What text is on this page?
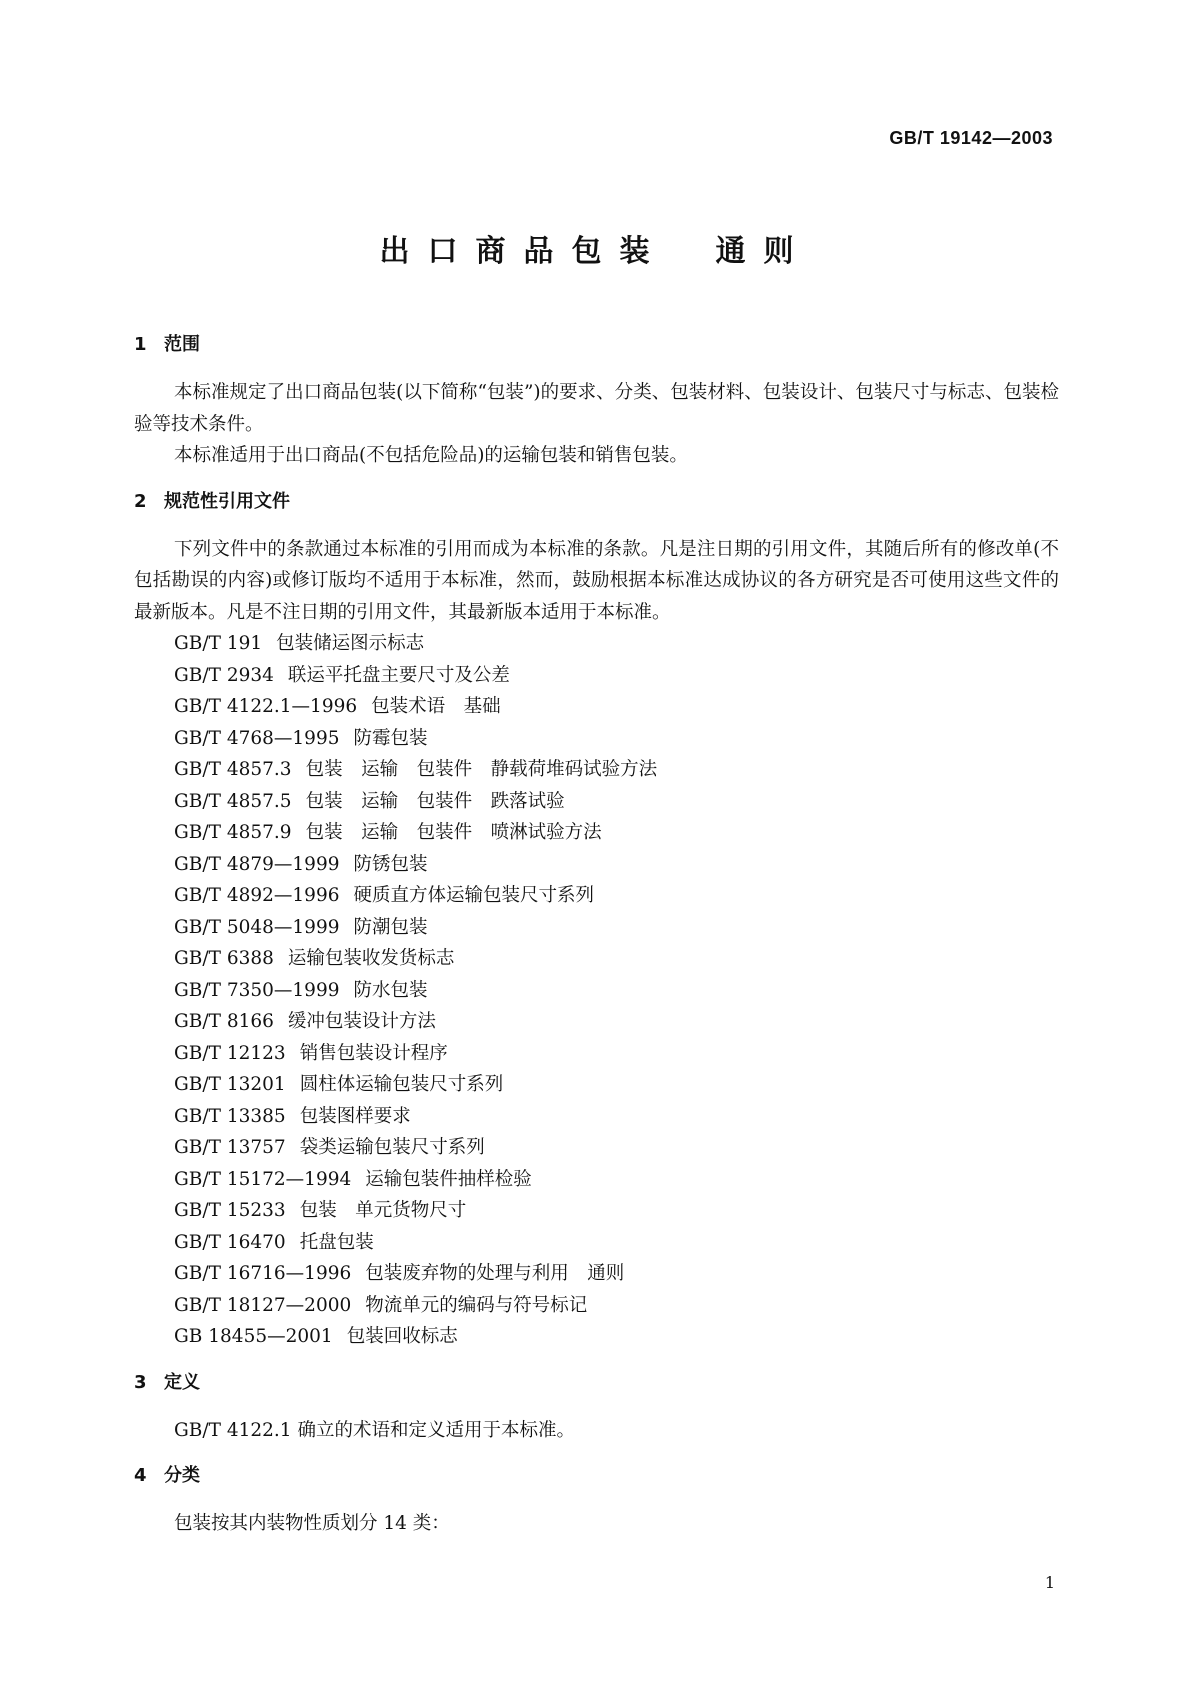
GB/T 19142—2003
出口商品包装　通则
1 范围
本标准规定了出口商品包装(以下简称“包装”)的要求、分类、包装材料、包装设计、包装尺寸与标志、包装检验等技术条件。
本标准适用于出口商品(不包括危险品)的运输包装和销售包装。
2 规范性引用文件
下列文件中的条款通过本标准的引用而成为本标准的条款。凡是注日期的引用文件，其随后所有的修改单(不包括勘误的内容)或修订版均不适用于本标准，然而，鼓励根据本标准达成协议的各方研究是否可使用这些文件的最新版本。凡是不注日期的引用文件，其最新版本适用于本标准。
GB/T 191 包装储运图示标志
GB/T 2934 联运平托盘主要尺寸及公差
GB/T 4122.1—1996 包装术语　基础
GB/T 4768—1995 防霉包装
GB/T 4857.3 包装　运输　包装件　静载荷堆码试验方法
GB/T 4857.5 包装　运输　包装件　跌落试验
GB/T 4857.9 包装　运输　包装件　喷淋试验方法
GB/T 4879—1999 防锈包装
GB/T 4892—1996 硬质直方体运输包装尺寸系列
GB/T 5048—1999 防潮包装
GB/T 6388 运输包装收发货标志
GB/T 7350—1999 防水包装
GB/T 8166 缓冲包装设计方法
GB/T 12123 销售包装设计程序
GB/T 13201 圆柱体运输包装尺寸系列
GB/T 13385 包装图样要求
GB/T 13757 袋类运输包装尺寸系列
GB/T 15172—1994 运输包装件抽样检验
GB/T 15233 包装　单元货物尺寸
GB/T 16470 托盘包装
GB/T 16716—1996 包装废弃物的处理与利用　通则
GB/T 18127—2000 物流单元的编码与符号标记
GB 18455—2001 包装回收标志
3 定义
GB/T 4122.1 确立的术语和定义适用于本标准。
4 分类
包装按其内装物性质划分 14 类：
1
